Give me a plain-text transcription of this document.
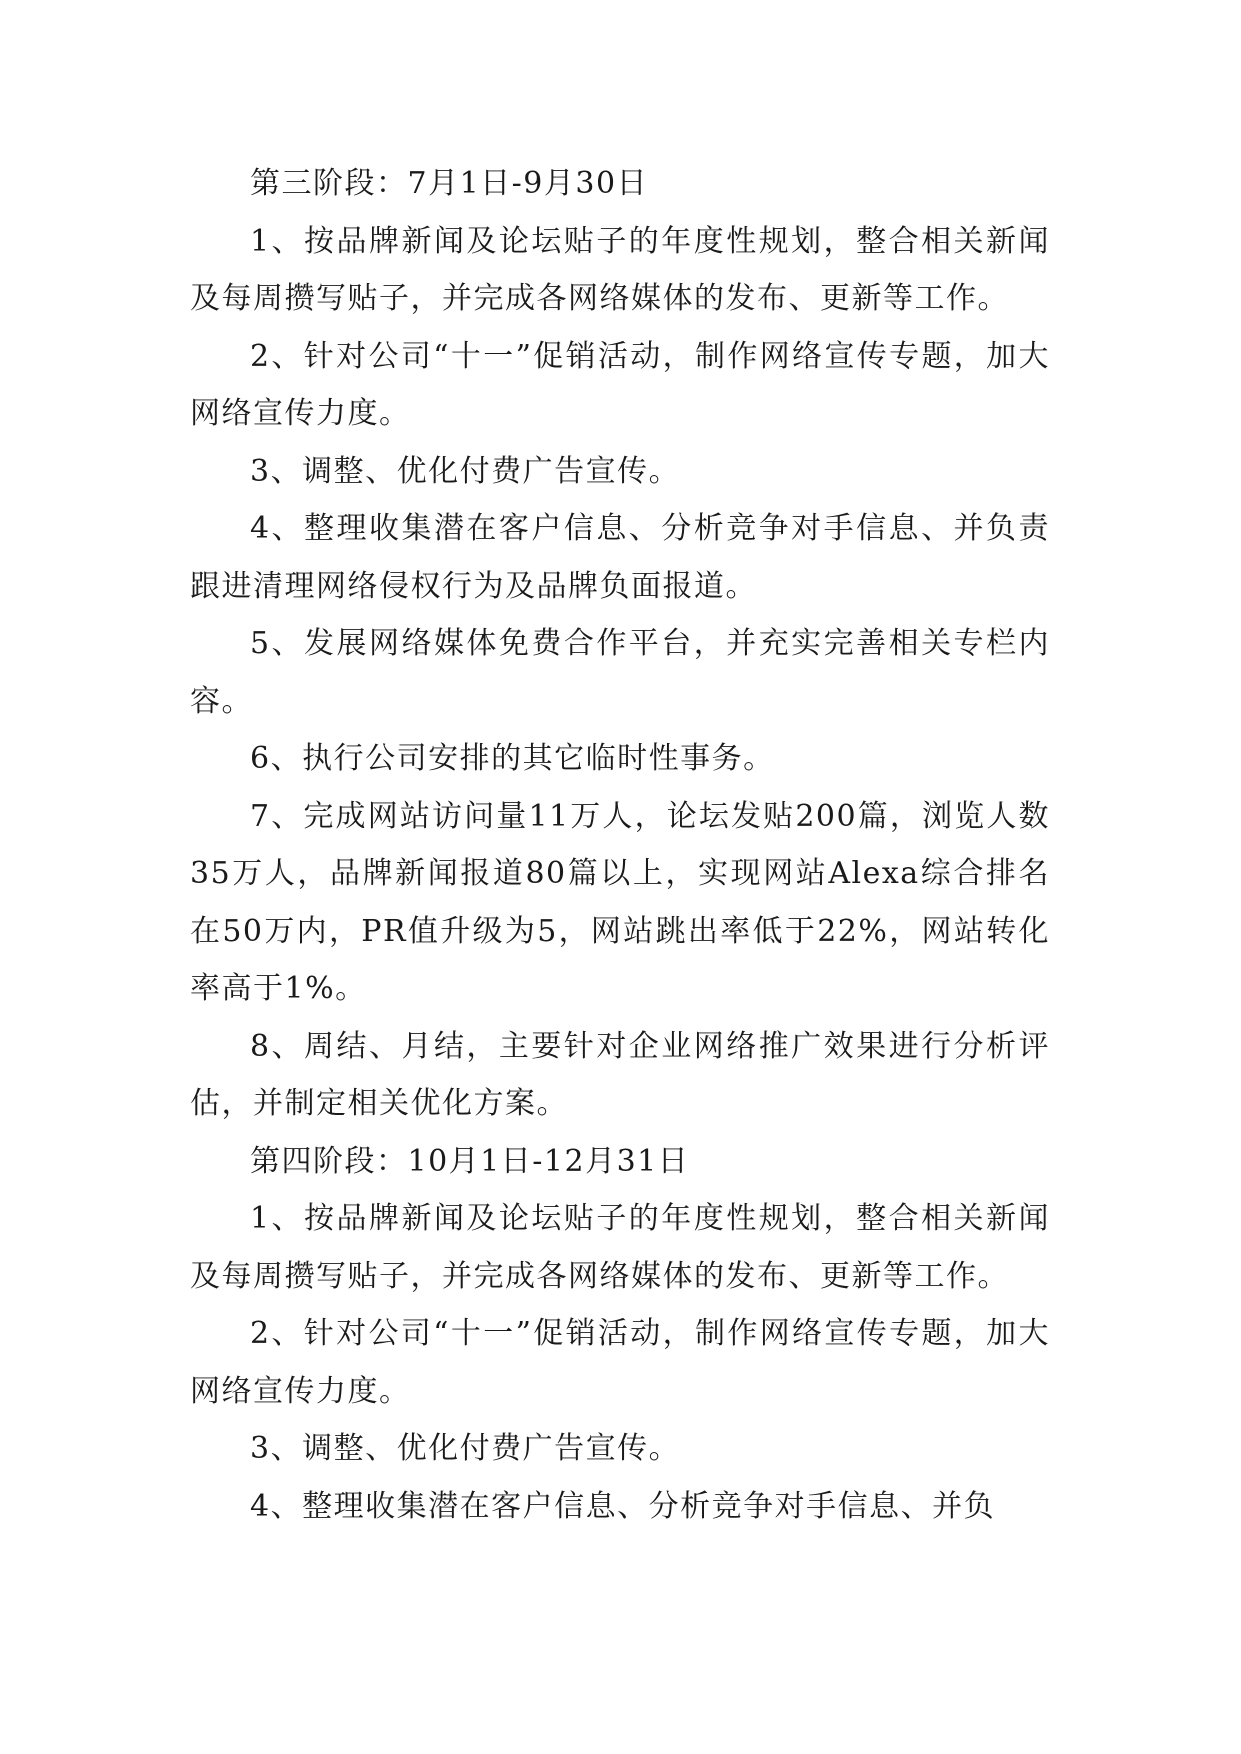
第三阶段：7月1日-9月30日

1、按品牌新闻及论坛贴子的年度性规划，整合相关新闻及每周攒写贴子，并完成各网络媒体的发布、更新等工作。

2、针对公司“十一”促销活动，制作网络宣传专题，加大网络宣传力度。

3、调整、优化付费广告宣传。

4、整理收集潜在客户信息、分析竞争对手信息、并负责跟进清理网络侵权行为及品牌负面报道。

5、发展网络媒体免费合作平台，并充实完善相关专栏内容。

6、执行公司安排的其它临时性事务。

7、完成网站访问量11万人，论坛发贴200篇，浏览人数35万人，品牌新闻报道80篇以上，实现网站Alexa综合排名在50万内，PR值升级为5，网站跳出率低于22%，网站转化率高于1%。

8、周结、月结，主要针对企业网络推广效果进行分析评估，并制定相关优化方案。

第四阶段：10月1日-12月31日

1、按品牌新闻及论坛贴子的年度性规划，整合相关新闻及每周攒写贴子，并完成各网络媒体的发布、更新等工作。

2、针对公司“十一”促销活动，制作网络宣传专题，加大网络宣传力度。

3、调整、优化付费广告宣传。

4、整理收集潜在客户信息、分析竞争对手信息、并负
